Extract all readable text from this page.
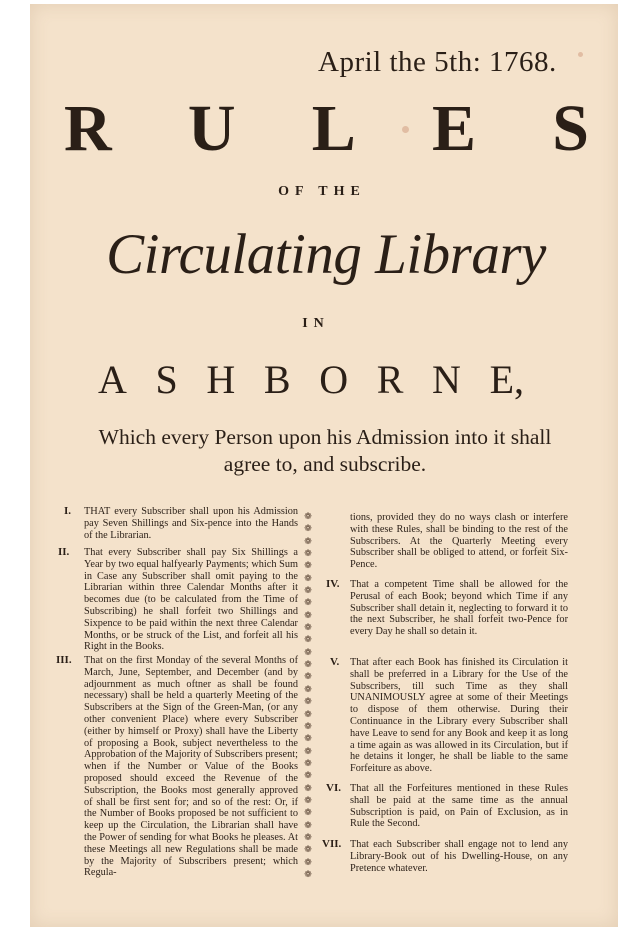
April the 5th: 1768.
R U L E S
OF THE
Circulating Library
IN
A S H B O R N E,
Which every Person upon his Admission into it shall
agree to, and subscribe.
I. THAT every Subscriber shall upon his Admission pay Seven Shillings and Six-pence into the Hands of the Librarian.
II. That every Subscriber shall pay Six Shillings a Year by two equal halfyearly Payments; which Sum in Case any Subscriber shall omit paying to the Librarian within three Calendar Months after it becomes due (to be calculated from the Time of Subscribing) he shall forfeit two Shillings and Sixpence to be paid within the next three Calendar Months, or be struck of the List, and forfeit all his Right in the Books.
III. That on the first Monday of the several Months of March, June, September, and December (and by adjournment as much oftner as shall be found necessary) shall be held a quarterly Meeting of the Subscribers at the Sign of the Green-Man, (or any other convenient Place) where every Subscriber (either by himself or Proxy) shall have the Liberty of proposing a Book, subject nevertheless to the Approbation of the Majority of Subscribers present; when if the Number or Value of the Books proposed should exceed the Revenue of the Subscription, the Books most generally approved of shall be first sent for; and so of the rest: Or, if the Number of Books proposed be not sufficient to keep up the Circulation, the Librarian shall have the Power of sending for what Books he pleases. At these Meetings all new Regulations shall be made by the Majority of Subscribers present; which Regula-
❁
❁
❁
❁
❁
❁
❁
❁
❁
❁
❁
❁
❁
❁
❁
❁
❁
❁
❁
❁
❁
❁
❁
❁
❁
❁
❁
❁
❁
❁
tions, provided they do no ways clash or interfere with these Rules, shall be binding to the rest of the Subscribers. At the Quarterly Meeting every Subscriber shall be obliged to attend, or forfeit Six-Pence.
IV. That a competent Time shall be allowed for the Perusal of each Book; beyond which Time if any Subscriber shall detain it, neglecting to forward it to the next Subscriber, he shall forfeit two-Pence for every Day he shall so detain it.
V. That after each Book has finished its Circulation it shall be preferred in a Library for the Use of the Subscribers, till such Time as they shall UNANIMOUSLY agree at some of their Meetings to dispose of them otherwise. During their Continuance in the Library every Subscriber shall have Leave to send for any Book and keep it as long a time again as was allowed in its Circulation, but if he detains it longer, he shall be liable to the same Forfeiture as above.
VI. That all the Forfeitures mentioned in these Rules shall be paid at the same time as the annual Subscription is paid, on Pain of Exclusion, as in Rule the Second.
VII. That each Subscriber shall engage not to lend any Library-Book out of his Dwelling-House, on any Pretence whatever.
